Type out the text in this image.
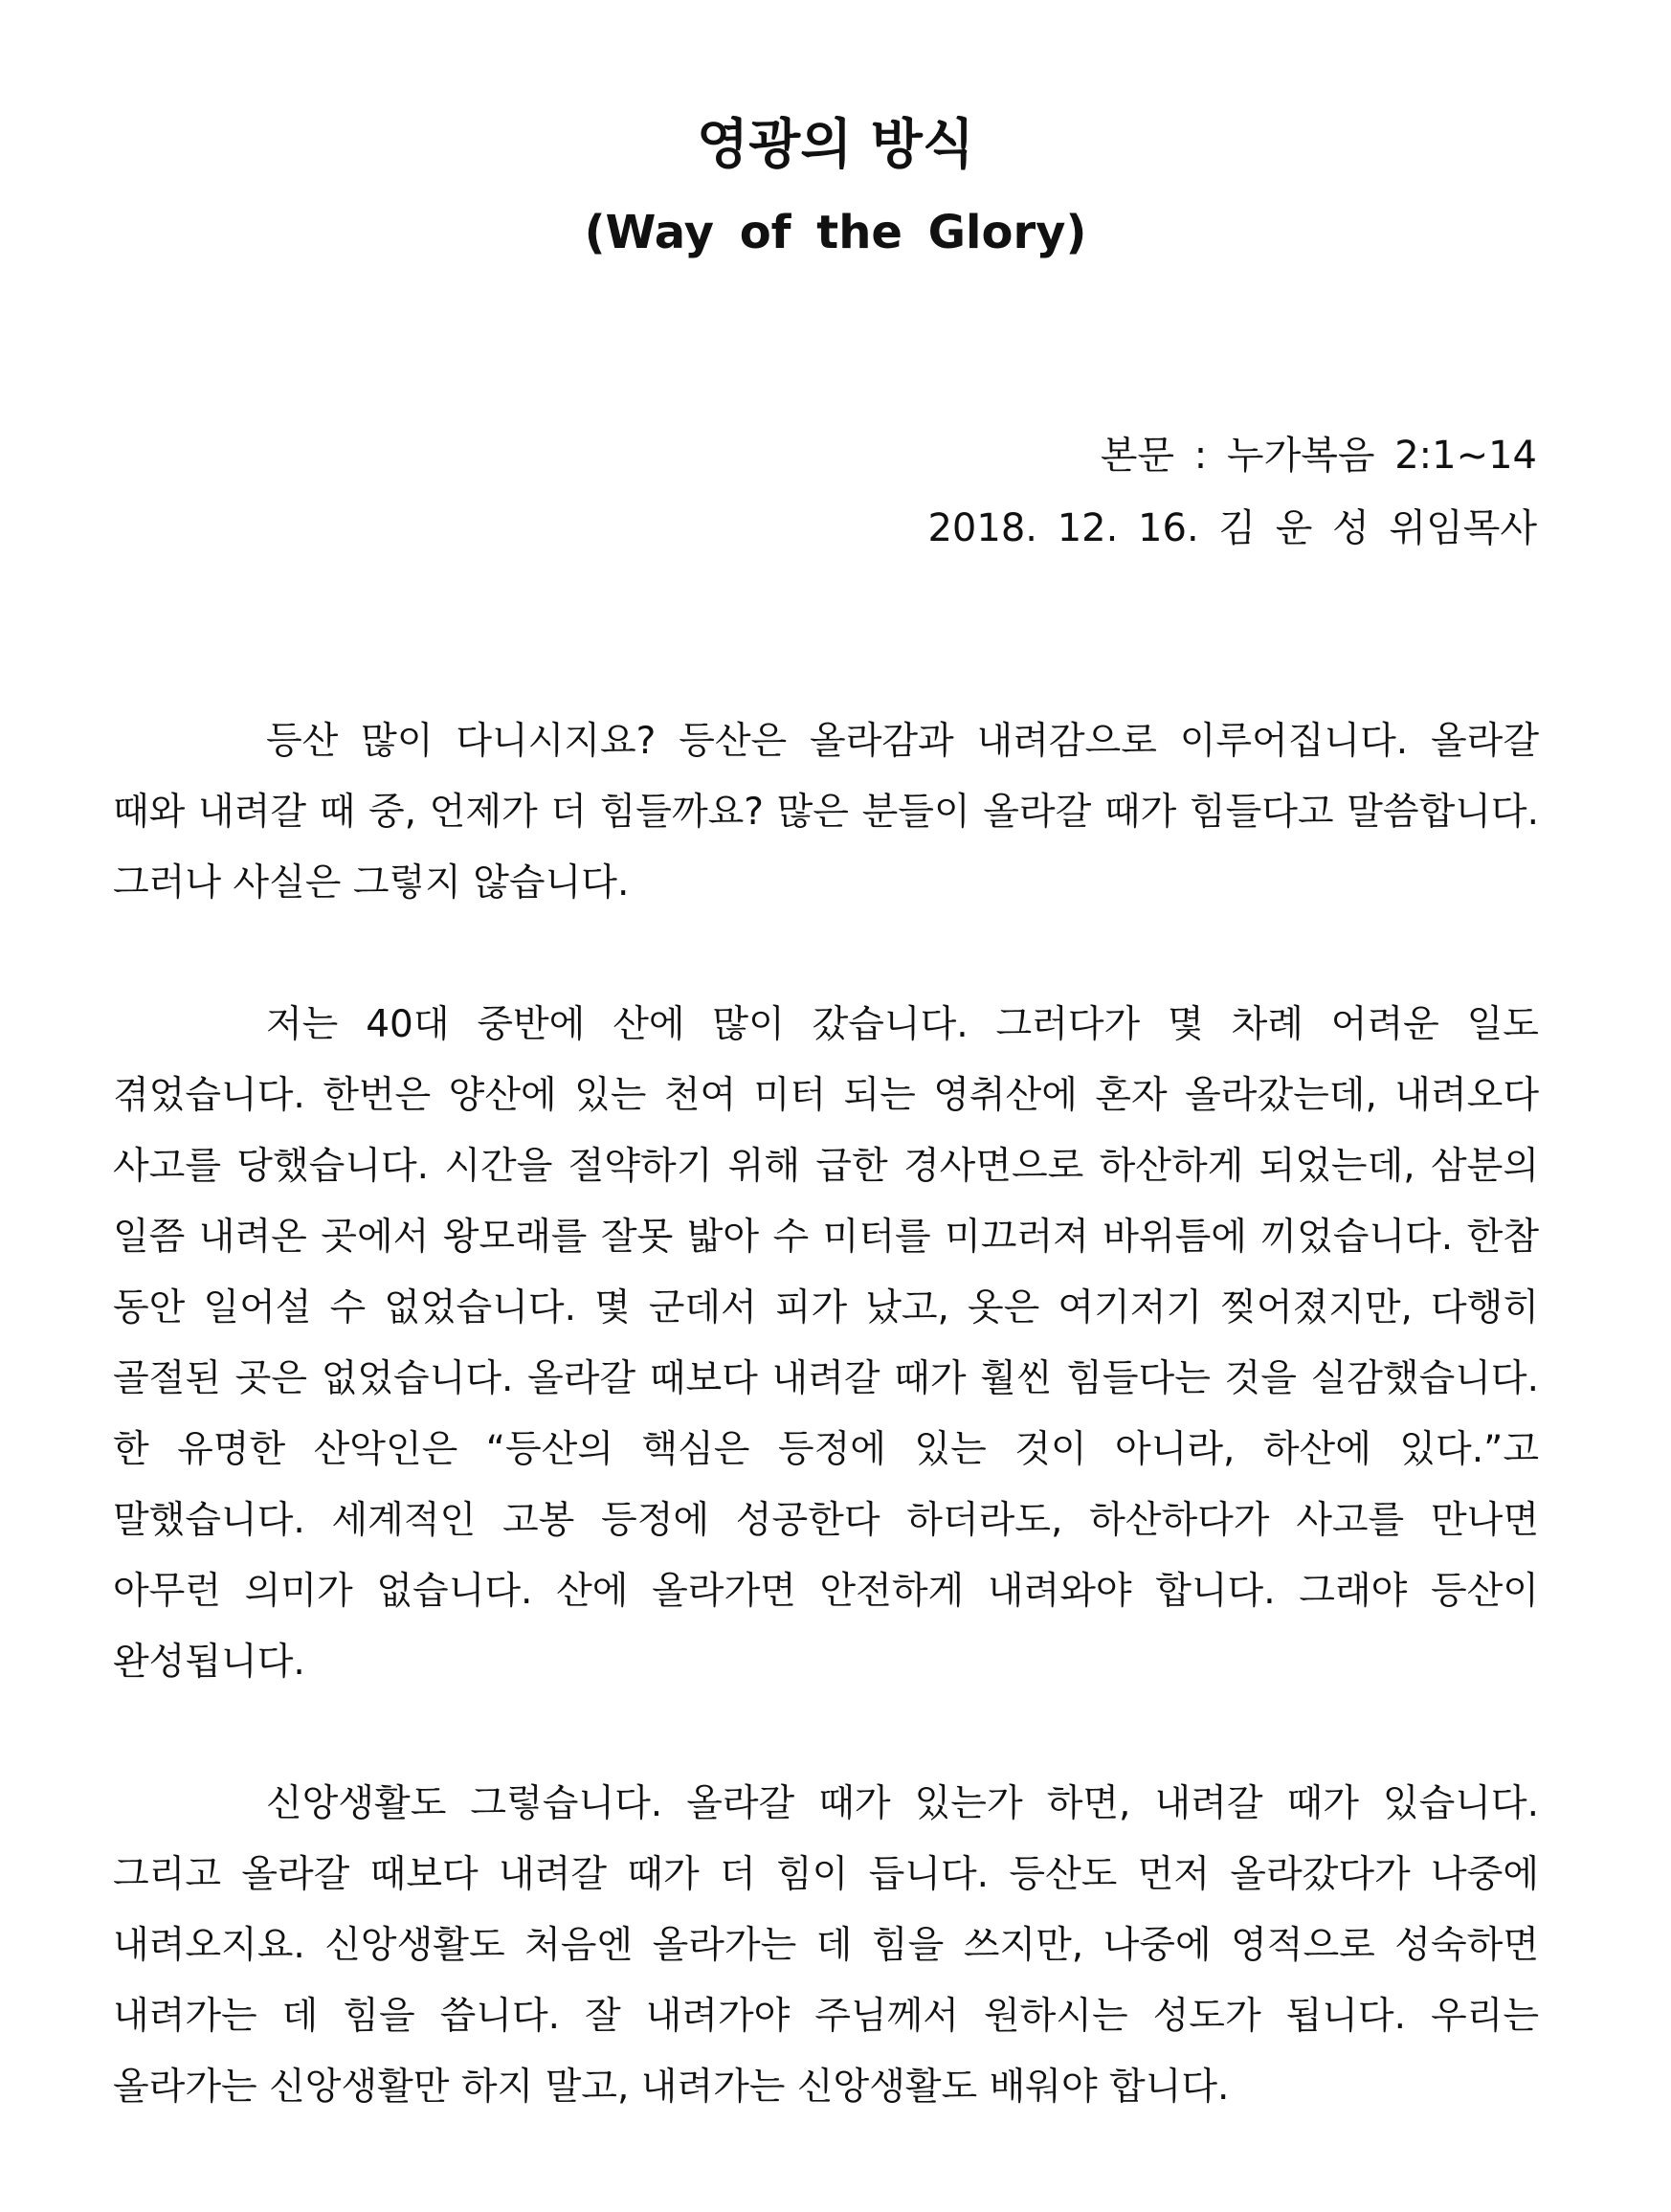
영광의 방식
(Way of the Glory)
본문 : 누가복음 2:1~14
2018. 12. 16. 김 운 성 위임목사

등산 많이 다니시지요? 등산은 올라감과 내려감으로 이루어집니다. 올라갈 때와 내려갈 때 중, 언제가 더 힘들까요? 많은 분들이 올라갈 때가 힘들다고 말씀합니다. 그러나 사실은 그렇지 않습니다.

저는 40대 중반에 산에 많이 갔습니다. 그러다가 몇 차례 어려운 일도 겪었습니다. 한번은 양산에 있는 천여 미터 되는 영취산에 혼자 올라갔는데, 내려오다 사고를 당했습니다. 시간을 절약하기 위해 급한 경사면으로 하산하게 되었는데, 삼분의 일쯤 내려온 곳에서 왕모래를 잘못 밟아 수 미터를 미끄러져 바위틈에 끼었습니다. 한참 동안 일어설 수 없었습니다. 몇 군데서 피가 났고, 옷은 여기저기 찢어졌지만, 다행히 골절된 곳은 없었습니다. 올라갈 때보다 내려갈 때가 훨씬 힘들다는 것을 실감했습니다. 한 유명한 산악인은 “등산의 핵심은 등정에 있는 것이 아니라, 하산에 있다.”고 말했습니다. 세계적인 고봉 등정에 성공한다 하더라도, 하산하다가 사고를 만나면 아무런 의미가 없습니다. 산에 올라가면 안전하게 내려와야 합니다. 그래야 등산이 완성됩니다.

신앙생활도 그렇습니다. 올라갈 때가 있는가 하면, 내려갈 때가 있습니다. 그리고 올라갈 때보다 내려갈 때가 더 힘이 듭니다. 등산도 먼저 올라갔다가 나중에 내려오지요. 신앙생활도 처음엔 올라가는 데 힘을 쓰지만, 나중에 영적으로 성숙하면 내려가는 데 힘을 씁니다. 잘 내려가야 주님께서 원하시는 성도가 됩니다. 우리는 올라가는 신앙생활만 하지 말고, 내려가는 신앙생활도 배워야 합니다.
